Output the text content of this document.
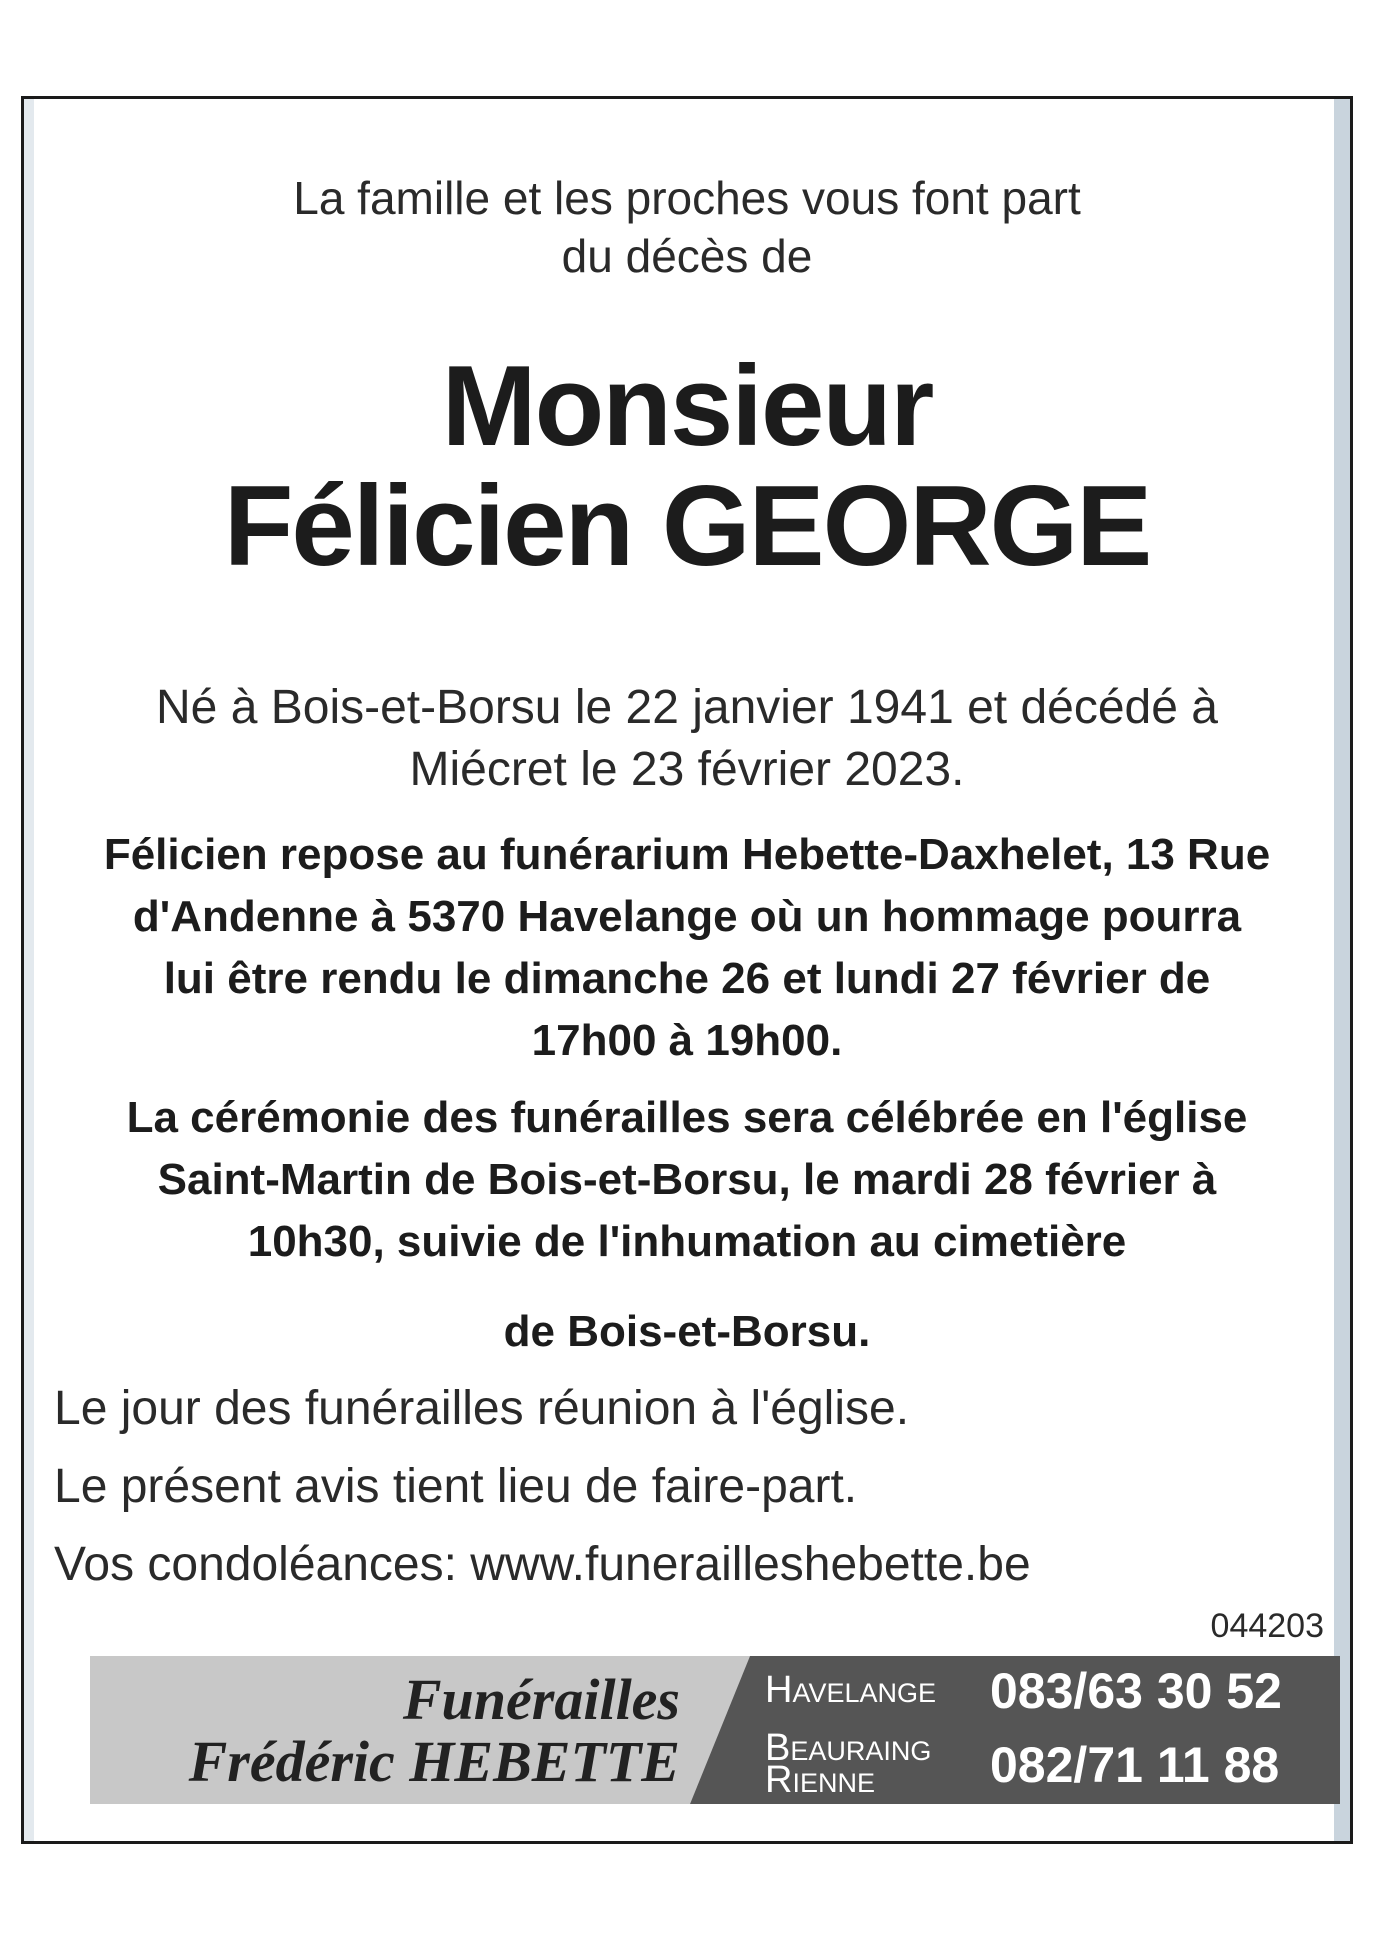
La famille et les proches vous font part
du décès de
Monsieur
Félicien GEORGE
Né à Bois-et-Borsu le 22 janvier 1941 et décédé à
Miécret le 23 février 2023.
Félicien repose au funérarium Hebette-Daxhelet, 13 Rue
d'Andenne à 5370 Havelange où un hommage pourra
lui être rendu le dimanche 26 et lundi 27 février de
17h00 à 19h00.
La cérémonie des funérailles sera célébrée en l'église
Saint-Martin de Bois-et-Borsu, le mardi 28 février à
10h30, suivie de l'inhumation au cimetière
de Bois-et-Borsu.
Le jour des funérailles réunion à l'église.
Le présent avis tient lieu de faire-part.
Vos condoléances: www.funerailleshebette.be
044203
Funérailles
Frédéric HEBETTE
Havelange 083/63 30 52
Beauraing
Rienne 082/71 11 88
